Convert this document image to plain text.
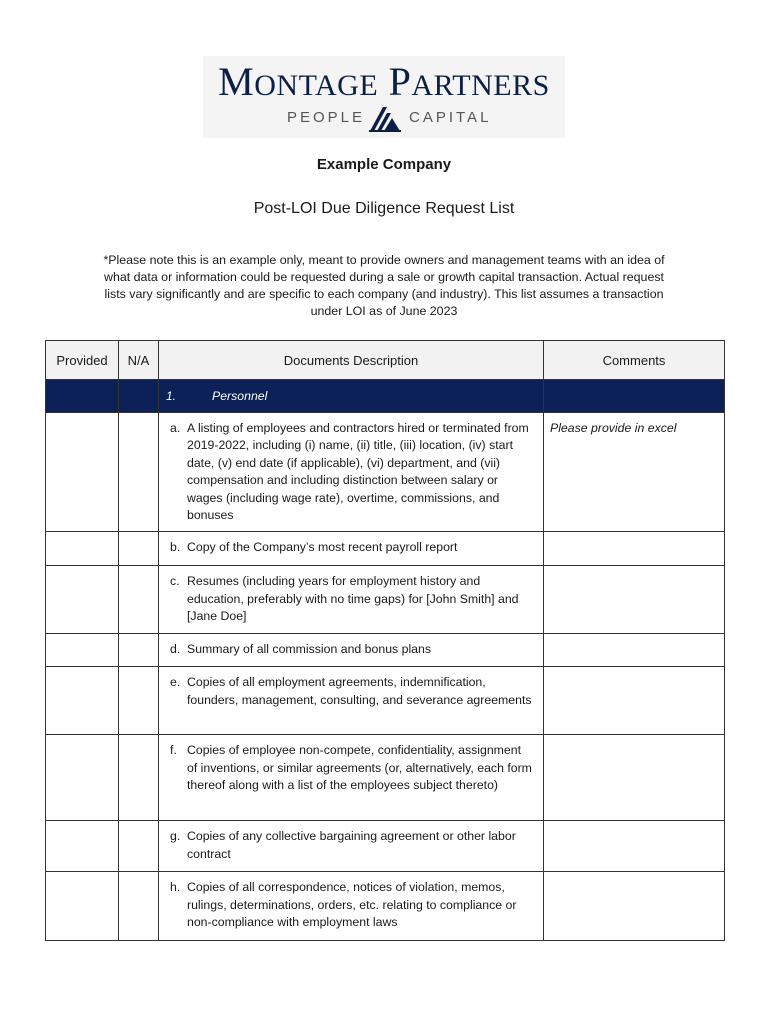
MONTAGE PARTNERS
PEOPLE	CAPITAL
Example Company
Post-LOI Due Diligence Request List
*Please note this is an example only, meant to provide owners and management teams with an idea of what data or information could be requested during a sale or growth capital transaction. Actual request lists vary significantly and are specific to each company (and industry). This list assumes a transaction under LOI as of June 2023
Provided	N/A	Documents Description	Comments
		1. Personnel	

		a. A listing of employees and contractors hired or terminated from 2019-2022, including (i) name, (ii) title, (iii) location, (iv) start date, (v) end date (if applicable), (vi) department, and (vii) compensation and including distinction between salary or wages (including wage rate), overtime, commissions, and bonuses	Please provide in excel

		b. Copy of the Company’s most recent payroll report	

		c. Resumes (including years for employment history and education, preferably with no time gaps) for [John Smith] and [Jane Doe]	

		d. Summary of all commission and bonus plans	

		e. Copies of all employment agreements, indemnification, founders, management, consulting, and severance agreements	

		f. Copies of employee non-compete, confidentiality, assignment of inventions, or similar agreements (or, alternatively, each form thereof along with a list of the employees subject thereto)	

		g. Copies of any collective bargaining agreement or other labor contract	

		h. Copies of all correspondence, notices of violation, memos, rulings, determinations, orders, etc. relating to compliance or non-compliance with employment laws	
